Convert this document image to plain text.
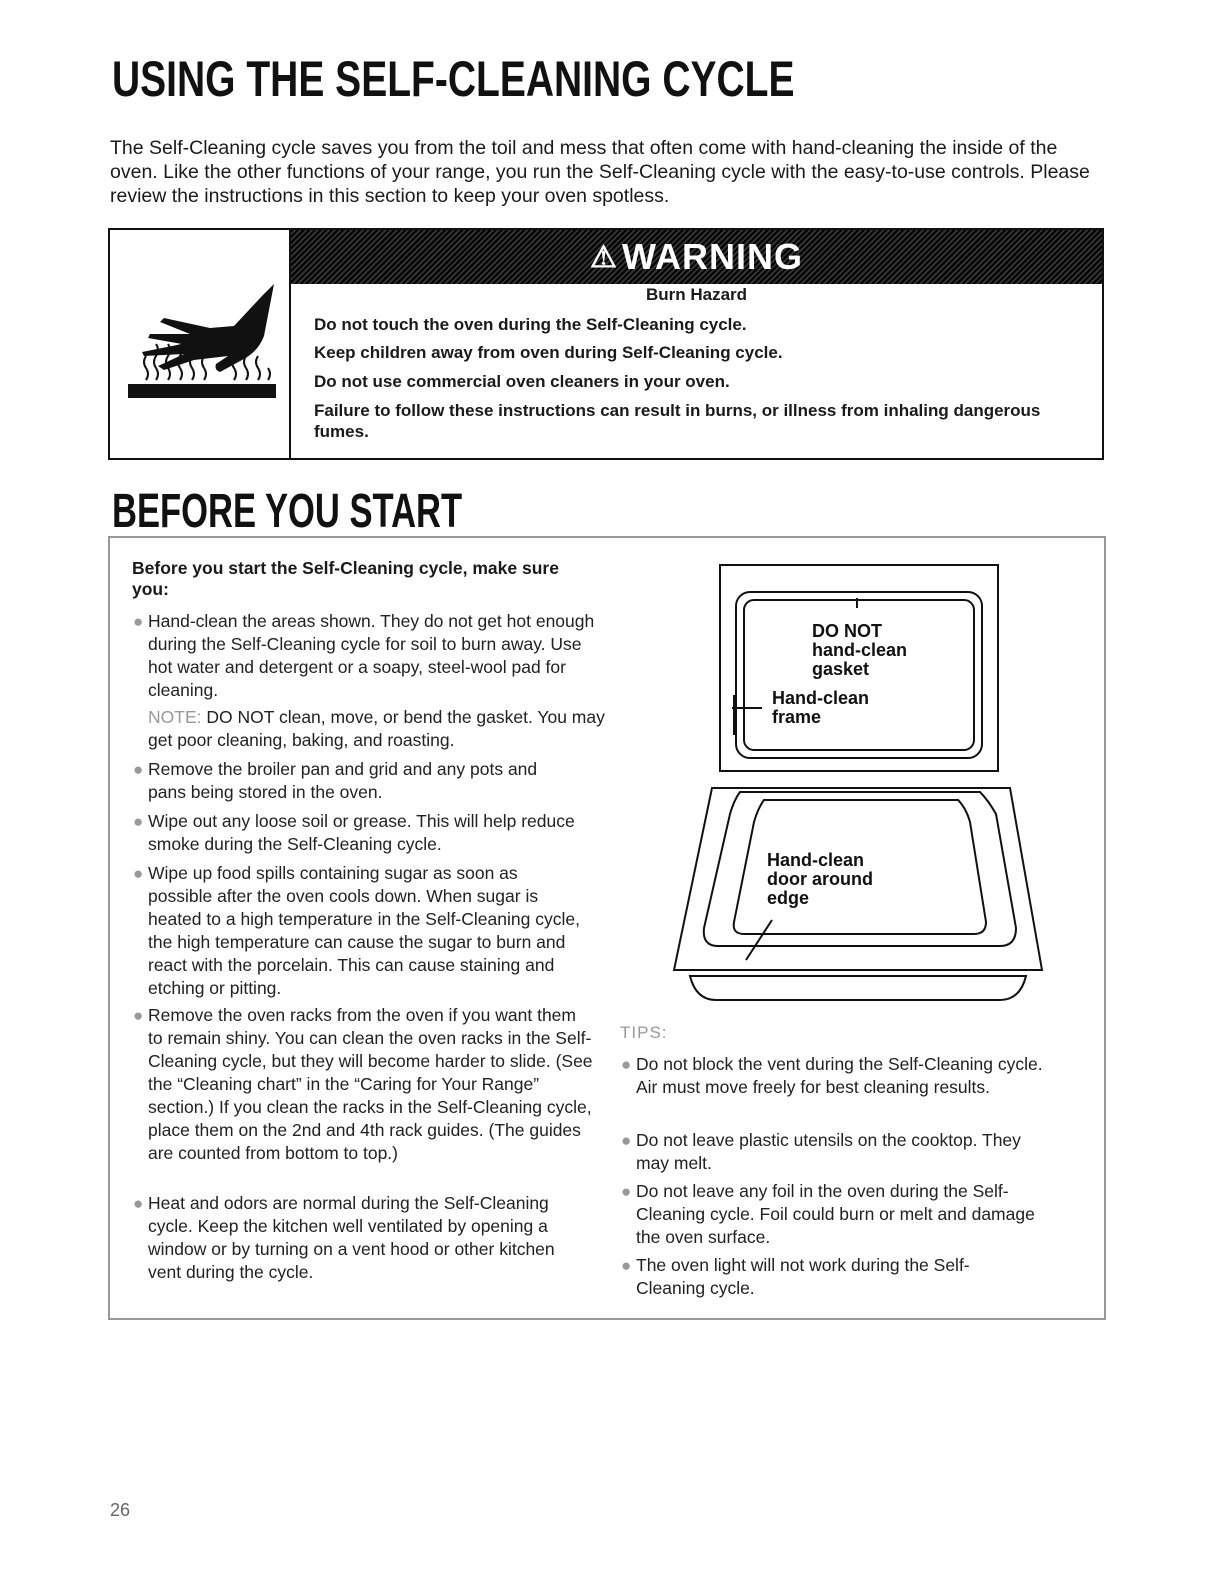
USING THE SELF-CLEANING CYCLE
The Self-Cleaning cycle saves you from the toil and mess that often come with hand-cleaning the inside of the oven. Like the other functions of your range, you run the Self-Cleaning cycle with the easy-to-use controls. Please review the instructions in this section to keep your oven spotless.
⚠ WARNING
Burn Hazard
Do not touch the oven during the Self-Cleaning cycle.
Keep children away from oven during Self-Cleaning cycle.
Do not use commercial oven cleaners in your oven.
Failure to follow these instructions can result in burns, or illness from inhaling dangerous fumes.
BEFORE YOU START
Before you start the Self-Cleaning cycle, make sure you:
● Hand-clean the areas shown. They do not get hot enough during the Self-Cleaning cycle for soil to burn away. Use hot water and detergent or a soapy, steel-wool pad for cleaning.
NOTE: DO NOT clean, move, or bend the gasket. You may get poor cleaning, baking, and roasting.
● Remove the broiler pan and grid and any pots and pans being stored in the oven.
● Wipe out any loose soil or grease. This will help reduce smoke during the Self-Cleaning cycle.
● Wipe up food spills containing sugar as soon as possible after the oven cools down. When sugar is heated to a high temperature in the Self-Cleaning cycle, the high temperature can cause the sugar to burn and react with the porcelain. This can cause staining and etching or pitting.
● Remove the oven racks from the oven if you want them to remain shiny. You can clean the oven racks in the Self-Cleaning cycle, but they will become harder to slide. (See the “Cleaning chart” in the “Caring for Your Range” section.) If you clean the racks in the Self-Cleaning cycle, place them on the 2nd and 4th rack guides. (The guides are counted from bottom to top.)
● Heat and odors are normal during the Self-Cleaning cycle. Keep the kitchen well ventilated by opening a window or by turning on a vent hood or other kitchen vent during the cycle.
DO NOT hand-clean gasket
Hand-clean frame
Hand-clean door around edge
TIPS:
● Do not block the vent during the Self-Cleaning cycle. Air must move freely for best cleaning results.
● Do not leave plastic utensils on the cooktop. They may melt.
● Do not leave any foil in the oven during the Self-Cleaning cycle. Foil could burn or melt and damage the oven surface.
● The oven light will not work during the Self-Cleaning cycle.
26
